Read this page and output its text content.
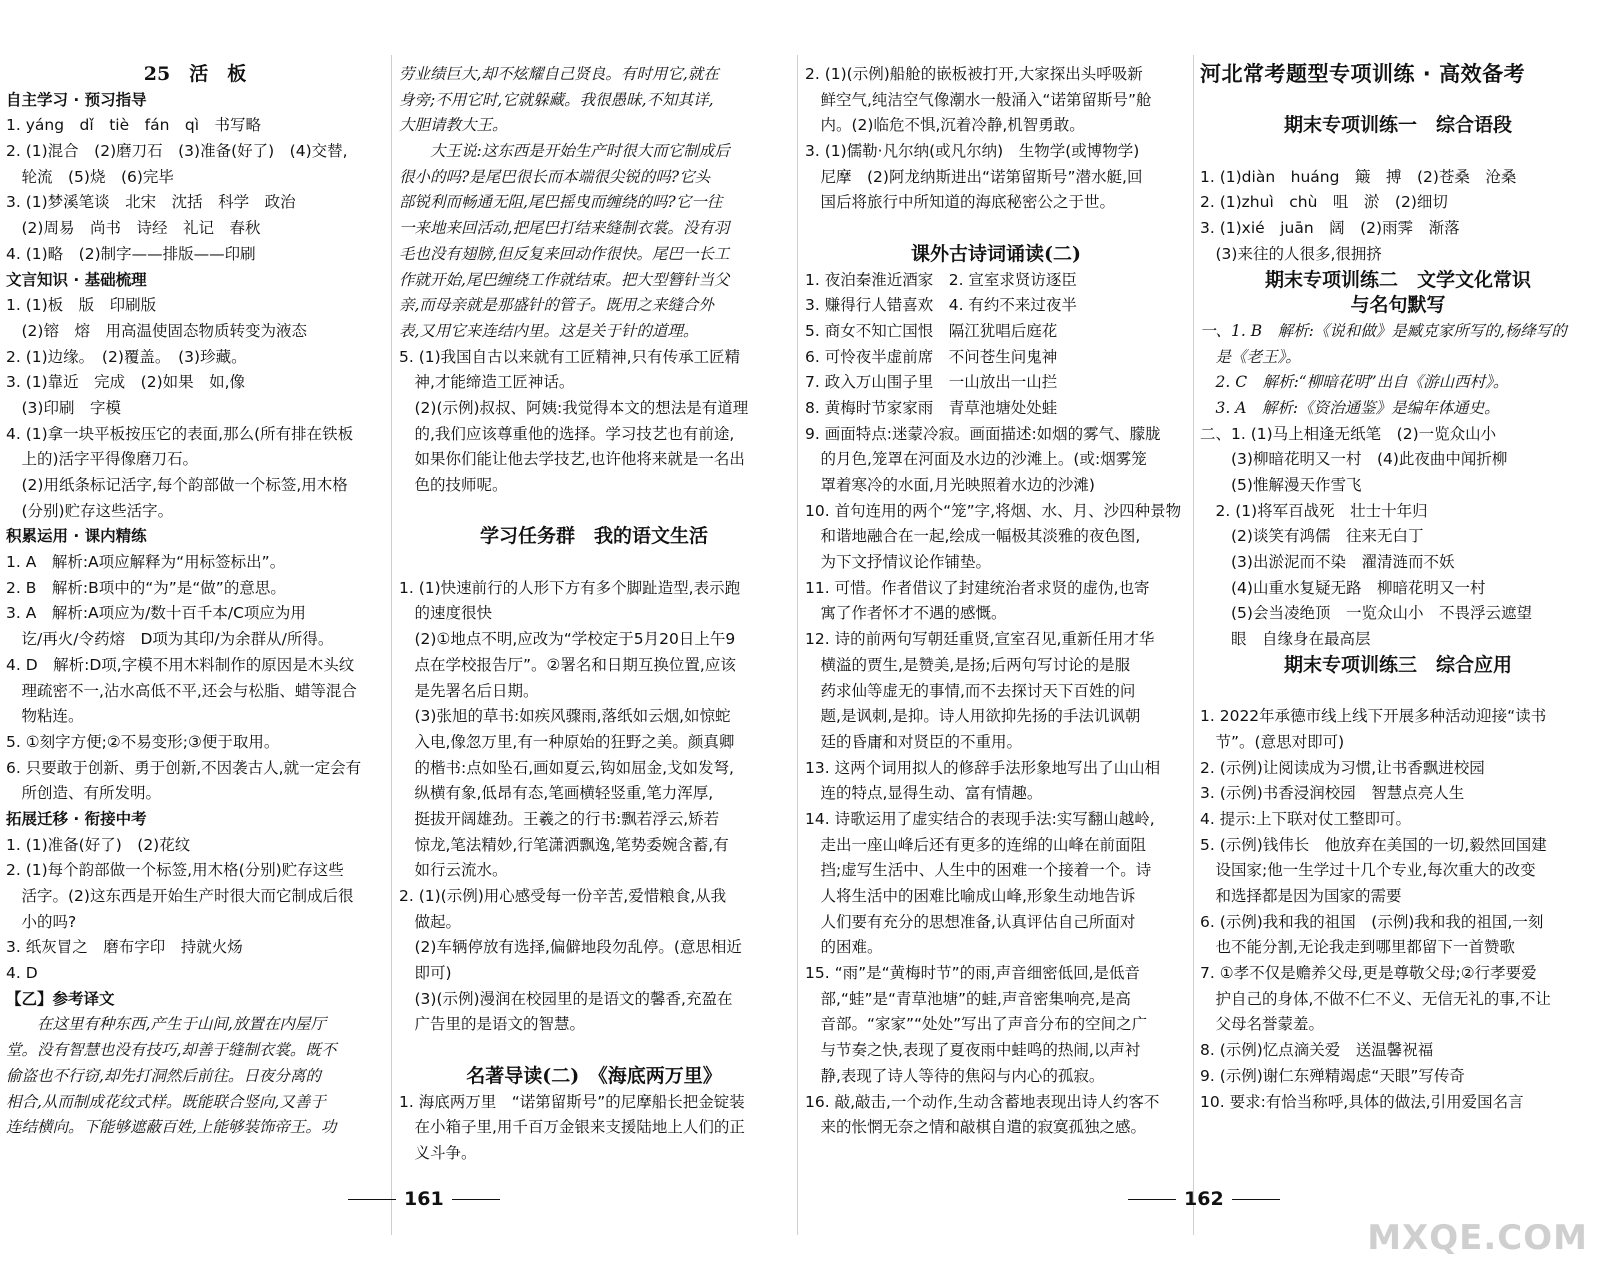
25　活　板
自主学习 · 预习指导
1. yáng　dǐ　tiè　fán　qì　书写略
2. (1)混合　(2)磨刀石　(3)准备(好了)　(4)交替,
　轮流　(5)烧　(6)完毕
3. (1)梦溪笔谈　北宋　沈括　科学　政治
　(2)周易　尚书　诗经　礼记　春秋
4. (1)略　(2)制字——排版——印刷
文言知识 · 基础梳理
1. (1)板　版　印刷版
　(2)镕　熔　用高温使固态物质转变为液态
2. (1)边缘。　(2)覆盖。　(3)珍藏。
3. (1)靠近　完成　(2)如果　如,像
　(3)印刷　字模
4. (1)拿一块平板按压它的表面,那么(所有排在铁板
　上的)活字平得像磨刀石。
　(2)用纸条标记活字,每个韵部做一个标签,用木格
　(分别)贮存这些活字。
积累运用 · 课内精练
1. A　解析:A项应解释为“用标签标出”。
2. B　解析:B项中的“为”是“做”的意思。
3. A　解析:A项应为/数十百千本/C项应为用
　讫/再火/令药熔　D项为其印/为余群从/所得。
4. D　解析:D项,字模不用木料制作的原因是木头纹
　理疏密不一,沾水高低不平,还会与松脂、蜡等混合
　物粘连。
5. ①刻字方便;②不易变形;③便于取用。
6. 只要敢于创新、勇于创新,不因袭古人,就一定会有
　所创造、有所发明。
拓展迁移 · 衔接中考
1. (1)准备(好了)　(2)花纹
2. (1)每个韵部做一个标签,用木格(分别)贮存这些
　活字。(2)这东西是开始生产时很大而它制成后很
　小的吗?
3. 纸灰冒之　磨布字印　持就火炀
4. D
【乙】参考译文
　　在这里有种东西,产生于山间,放置在内屋厅
堂。没有智慧也没有技巧,却善于缝制衣裳。既不
偷盗也不行窃,却先打洞然后前往。日夜分离的
相合,从而制成花纹式样。既能联合竖向,又善于
连结横向。下能够遮蔽百姓,上能够装饰帝王。功
劳业绩巨大,却不炫耀自己贤良。有时用它,就在
身旁;不用它时,它就躲藏。我很愚昧,不知其详,
大胆请教大王。
　　大王说:这东西是开始生产时很大而它制成后
很小的吗?是尾巴很长而本端很尖锐的吗?它头
部锐利而畅通无阻,尾巴摇曳而缠绕的吗?它一往
一来地来回活动,把尾巴打结来缝制衣裳。没有羽
毛也没有翅膀,但反复来回动作很快。尾巴一长工
作就开始,尾巴缠绕工作就结束。把大型簪针当父
亲,而母亲就是那盛针的管子。既用之来缝合外
表,又用它来连结内里。这是关于针的道理。
5. (1)我国自古以来就有工匠精神,只有传承工匠精
　神,才能缔造工匠神话。
　(2)(示例)叔叔、阿姨:我觉得本文的想法是有道理
　的,我们应该尊重他的选择。学习技艺也有前途,
　如果你们能让他去学技艺,也许他将来就是一名出
　色的技师呢。
学习任务群　我的语文生活
1. (1)快速前行的人形下方有多个脚趾造型,表示跑
　的速度很快
　(2)①地点不明,应改为“学校定于5月20日上午9
　点在学校报告厅”。②署名和日期互换位置,应该
　是先署名后日期。
　(3)张旭的草书:如疾风骤雨,落纸如云烟,如惊蛇
　入电,像忽万里,有一种原始的狂野之美。颜真卿
　的楷书:点如坠石,画如夏云,钩如屈金,戈如发弩,
　纵横有象,低昂有态,笔画横轻竖重,笔力浑厚,
　挺拔开阔雄劲。王羲之的行书:飘若浮云,矫若
　惊龙,笔法精妙,行笔潇洒飘逸,笔势委婉含蓄,有
　如行云流水。
2. (1)(示例)用心感受每一份辛苦,爱惜粮食,从我
　做起。
　(2)车辆停放有选择,偏僻地段勿乱停。(意思相近
　即可)
　(3)(示例)漫润在校园里的是语文的馨香,充盈在
　广告里的是语文的智慧。
名著导读(二)　《海底两万里》
1. 海底两万里　“诺第留斯号”的尼摩船长把金锭装
　在小箱子里,用千百万金银来支援陆地上人们的正
　义斗争。
2. (1)(示例)船舱的嵌板被打开,大家探出头呼吸新
　鲜空气,纯洁空气像潮水一般涌入“诺第留斯号”舱
　内。(2)临危不惧,沉着冷静,机智勇敢。
3. (1)儒勒·凡尔纳(或凡尔纳)　生物学(或博物学)
　尼摩　(2)阿龙纳斯进出“诺第留斯号”潜水艇,回
　国后将旅行中所知道的海底秘密公之于世。
课外古诗词诵读(二)
1. 夜泊秦淮近酒家　2. 宣室求贤访逐臣
3. 赚得行人错喜欢　4. 有约不来过夜半
5. 商女不知亡国恨　隔江犹唱后庭花
6. 可怜夜半虚前席　不问苍生问鬼神
7. 政入万山围子里　一山放出一山拦
8. 黄梅时节家家雨　青草池塘处处蛙
9. 画面特点:迷蒙冷寂。画面描述:如烟的雾气、朦胧
　的月色,笼罩在河面及水边的沙滩上。(或:烟雾笼
　罩着寒冷的水面,月光映照着水边的沙滩)
10. 首句连用的两个“笼”字,将烟、水、月、沙四种景物
　和谐地融合在一起,绘成一幅极其淡雅的夜色图,
　为下文抒情议论作铺垫。
11. 可惜。作者借议了封建统治者求贤的虚伪,也寄
　寓了作者怀才不遇的感慨。
12. 诗的前两句写朝廷重贤,宣室召见,重新任用才华
　横溢的贾生,是赞美,是扬;后两句写讨论的是服
　药求仙等虚无的事情,而不去探讨天下百姓的问
　题,是讽刺,是抑。诗人用欲抑先扬的手法讥讽朝
　廷的昏庸和对贤臣的不重用。
13. 这两个词用拟人的修辞手法形象地写出了山山相
　连的特点,显得生动、富有情趣。
14. 诗歌运用了虚实结合的表现手法:实写翻山越岭,
　走出一座山峰后还有更多的连绵的山峰在前面阻
　挡;虚写生活中、人生中的困难一个接着一个。诗
　人将生活中的困难比喻成山峰,形象生动地告诉
　人们要有充分的思想准备,认真评估自己所面对
　的困难。
15. “雨”是“黄梅时节”的雨,声音细密低回,是低音
　部,“蛙”是“青草池塘”的蛙,声音密集响亮,是高
　音部。“家家”“处处”写出了声音分布的空间之广
　与节奏之快,表现了夏夜雨中蛙鸣的热闹,以声衬
　静,表现了诗人等待的焦闷与内心的孤寂。
16. 敲,敲击,一个动作,生动含蓄地表现出诗人约客不
　来的怅惘无奈之情和敲棋自遣的寂寞孤独之感。
河北常考题型专项训练 · 高效备考
期末专项训练一　综合语段
1. (1)diàn　huáng　簸　搏　(2)苍桑　沧桑
2. (1)zhuì　chù　咀　淤　(2)细切
3. (1)xié　juān　阔　(2)雨霁　渐落
　(3)来往的人很多,很拥挤
期末专项训练二　文学文化常识
与名句默写
一、1. B　解析:《说和做》是臧克家所写的,杨绛写的
　是《老王》。
　2. C　解析:“柳暗花明”出自《游山西村》。
　3. A　解析:《资治通鉴》是编年体通史。
二、1. (1)马上相逢无纸笔　(2)一览众山小
　　(3)柳暗花明又一村　(4)此夜曲中闻折柳
　　(5)惟解漫天作雪飞
　2. (1)将军百战死　壮士十年归
　　(2)谈笑有鸿儒　往来无白丁
　　(3)出淤泥而不染　濯清涟而不妖
　　(4)山重水复疑无路　柳暗花明又一村
　　(5)会当凌绝顶　一览众山小　不畏浮云遮望
　　眼　自缘身在最高层
期末专项训练三　综合应用
1. 2022年承德市线上线下开展多种活动迎接“读书
　节”。(意思对即可)
2. (示例)让阅读成为习惯,让书香飘进校园
3. (示例)书香浸润校园　智慧点亮人生
4. 提示:上下联对仗工整即可。
5. (示例)钱伟长　他放弃在美国的一切,毅然回国建
　设国家;他一生学过十几个专业,每次重大的改变
　和选择都是因为国家的需要
6. (示例)我和我的祖国　(示例)我和我的祖国,一刻
　也不能分割,无论我走到哪里都留下一首赞歌
7. ①孝不仅是赡养父母,更是尊敬父母;②行孝要爱
　护自己的身体,不做不仁不义、无信无礼的事,不让
　父母名誉蒙羞。
8. (示例)忆点滴关爱　送温馨祝福
9. (示例)谢仁东殚精竭虑“天眼”写传奇
10. 要求:有恰当称呼,具体的做法,引用爱国名言
161	162
MXQE.COM
